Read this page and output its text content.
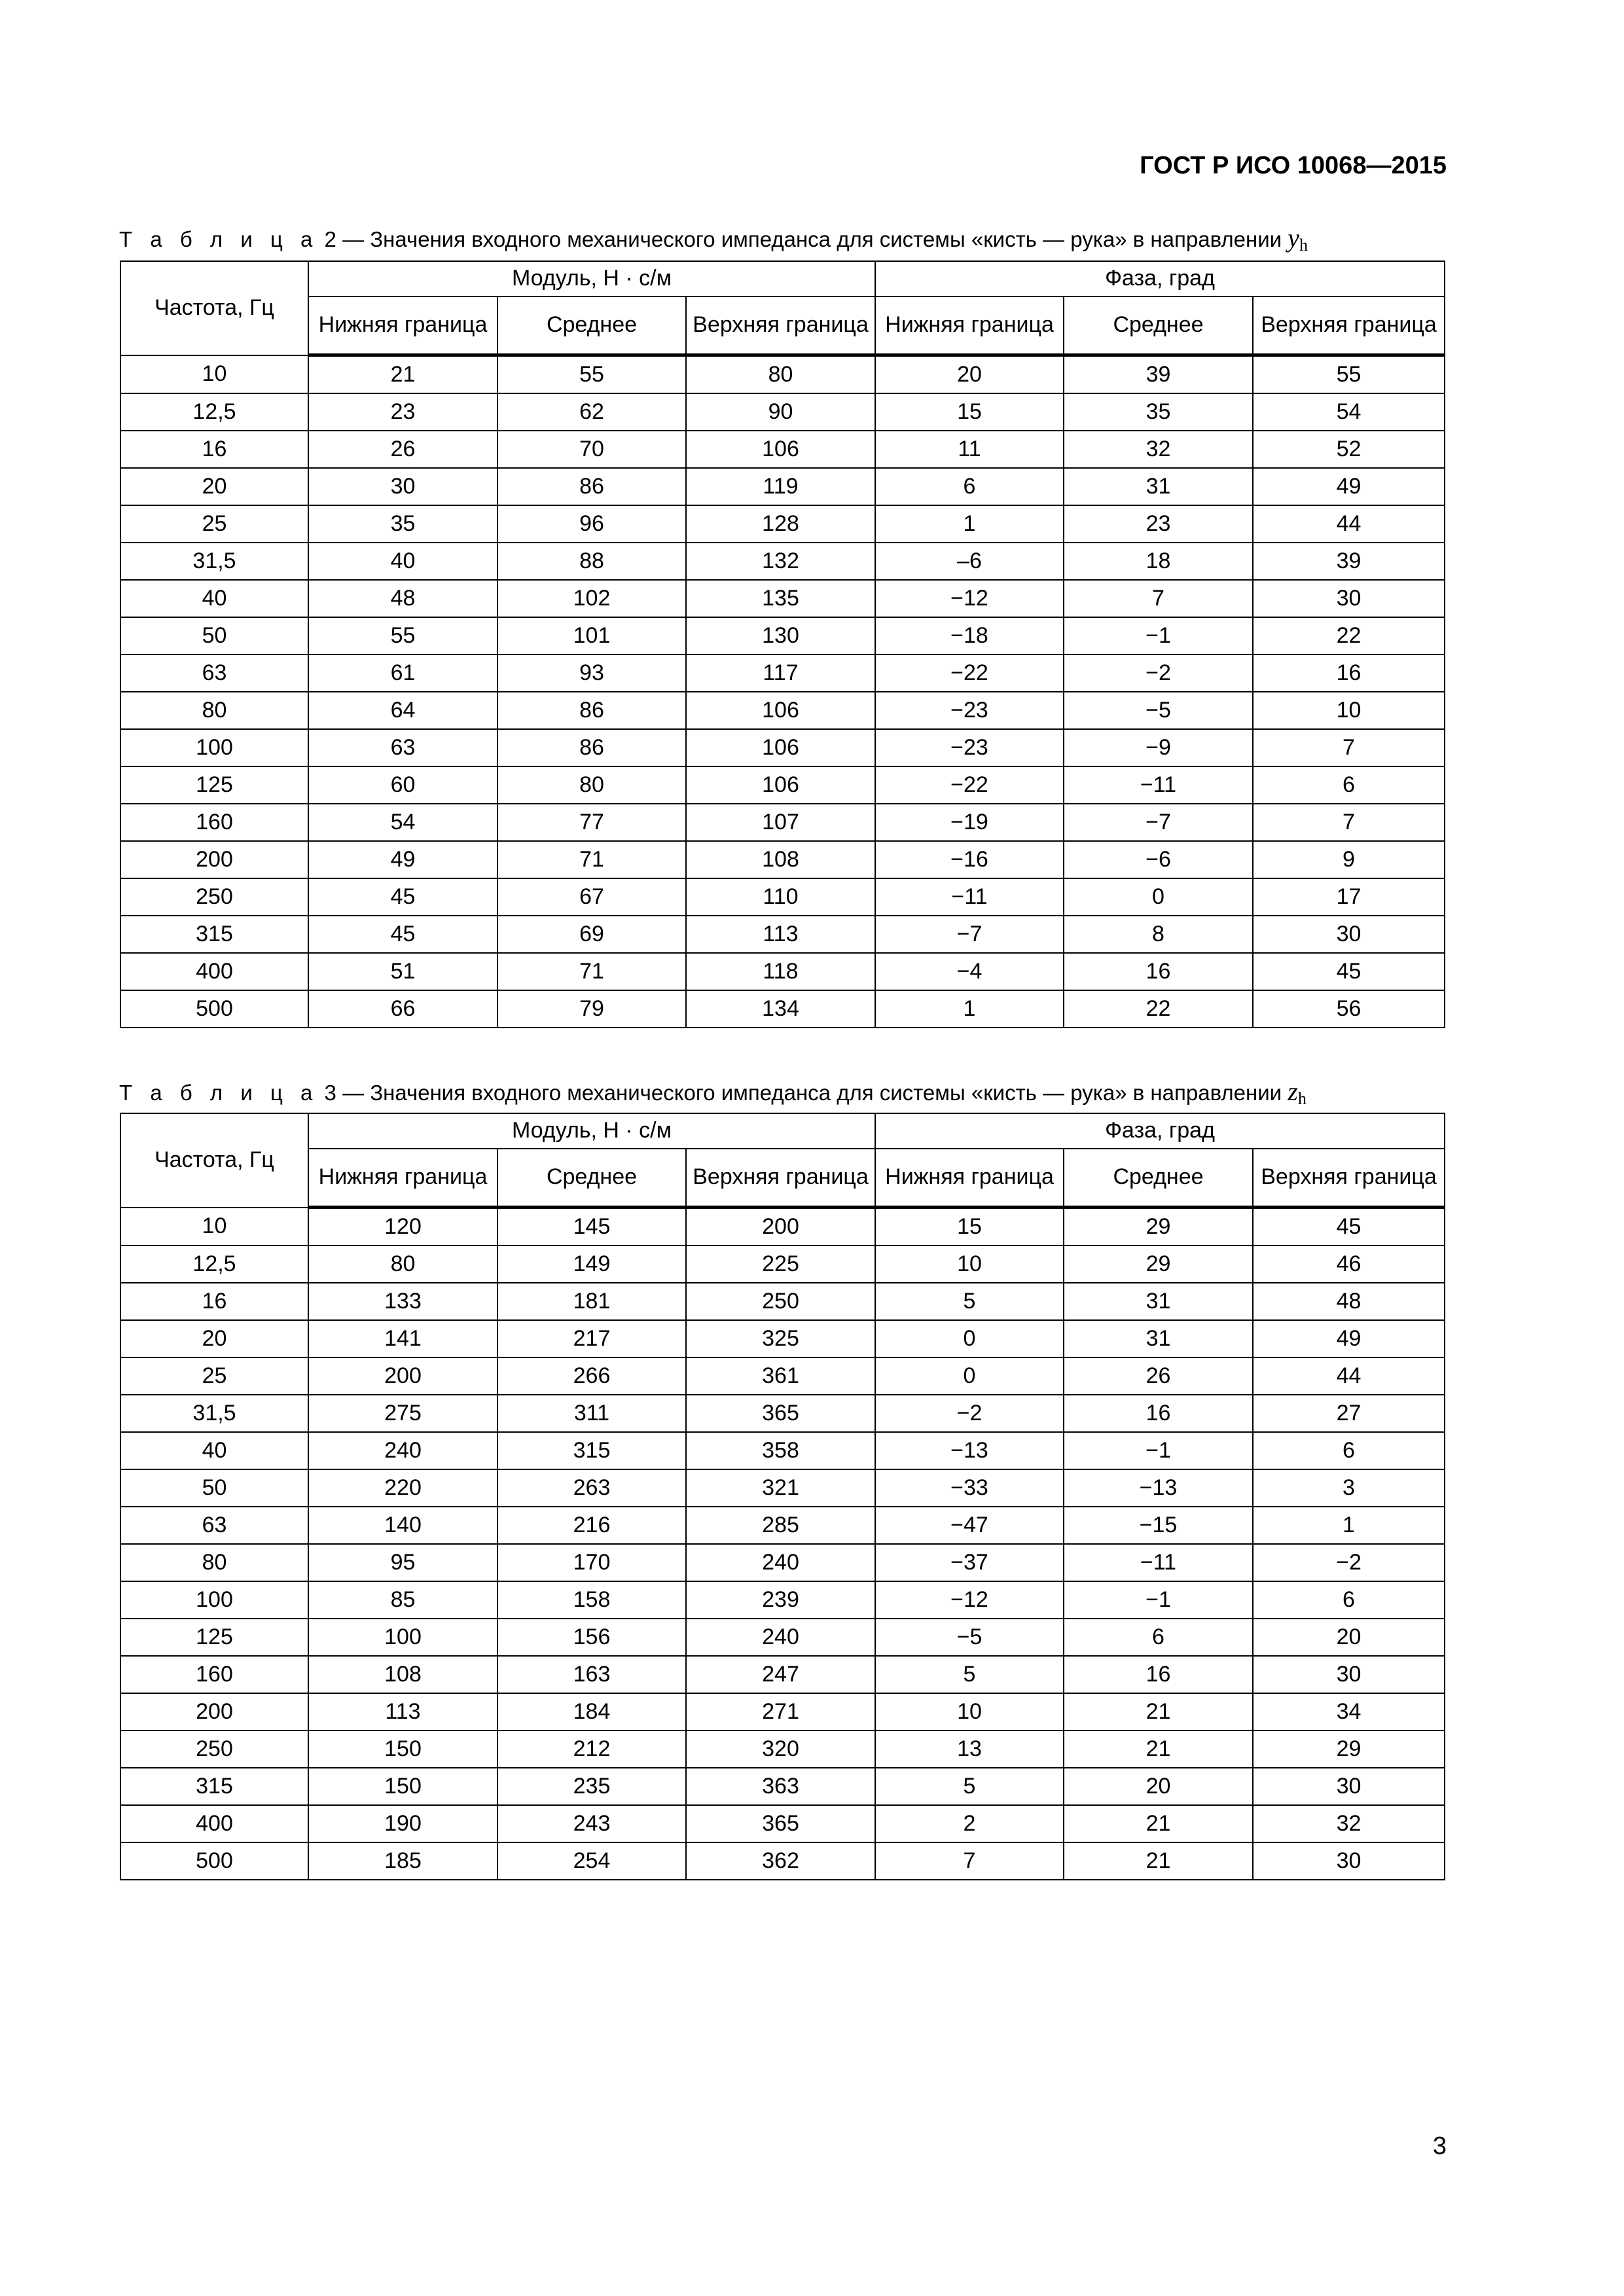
ГОСТ Р ИСО 10068—2015
Т а б л и ц а 2 — Значения входного механического импеданса для системы «кисть — рука» в направлении $y_h$
Частота, Гц	Модуль, Н · с/м			Фаза, град		
	Нижняя граница	Среднее	Верхняя граница	Нижняя граница	Среднее	Верхняя граница
10	21	55	80	20	39	55
12,5	23	62	90	15	35	54
16	26	70	106	11	32	52
20	30	86	119	6	31	49
25	35	96	128	1	23	44
31,5	40	88	132	–6	18	39
40	48	102	135	−12	7	30
50	55	101	130	−18	−1	22
63	61	93	117	−22	−2	16
80	64	86	106	−23	−5	10
100	63	86	106	−23	−9	7
125	60	80	106	−22	−11	6
160	54	77	107	−19	−7	7
200	49	71	108	−16	−6	9
250	45	67	110	−11	0	17
315	45	69	113	−7	8	30
400	51	71	118	−4	16	45
500	66	79	134	1	22	56
Т а б л и ц а 3 — Значения входного механического импеданса для системы «кисть — рука» в направлении $z_h$
Частота, Гц	Модуль, Н · с/м			Фаза, град		
	Нижняя граница	Среднее	Верхняя граница	Нижняя граница	Среднее	Верхняя граница
10	120	145	200	15	29	45
12,5	80	149	225	10	29	46
16	133	181	250	5	31	48
20	141	217	325	0	31	49
25	200	266	361	0	26	44
31,5	275	311	365	−2	16	27
40	240	315	358	−13	−1	6
50	220	263	321	−33	−13	3
63	140	216	285	−47	−15	1
80	95	170	240	−37	−11	−2
100	85	158	239	−12	−1	6
125	100	156	240	−5	6	20
160	108	163	247	5	16	30
200	113	184	271	10	21	34
250	150	212	320	13	21	29
315	150	235	363	5	20	30
400	190	243	365	2	21	32
500	185	254	362	7	21	30
3
